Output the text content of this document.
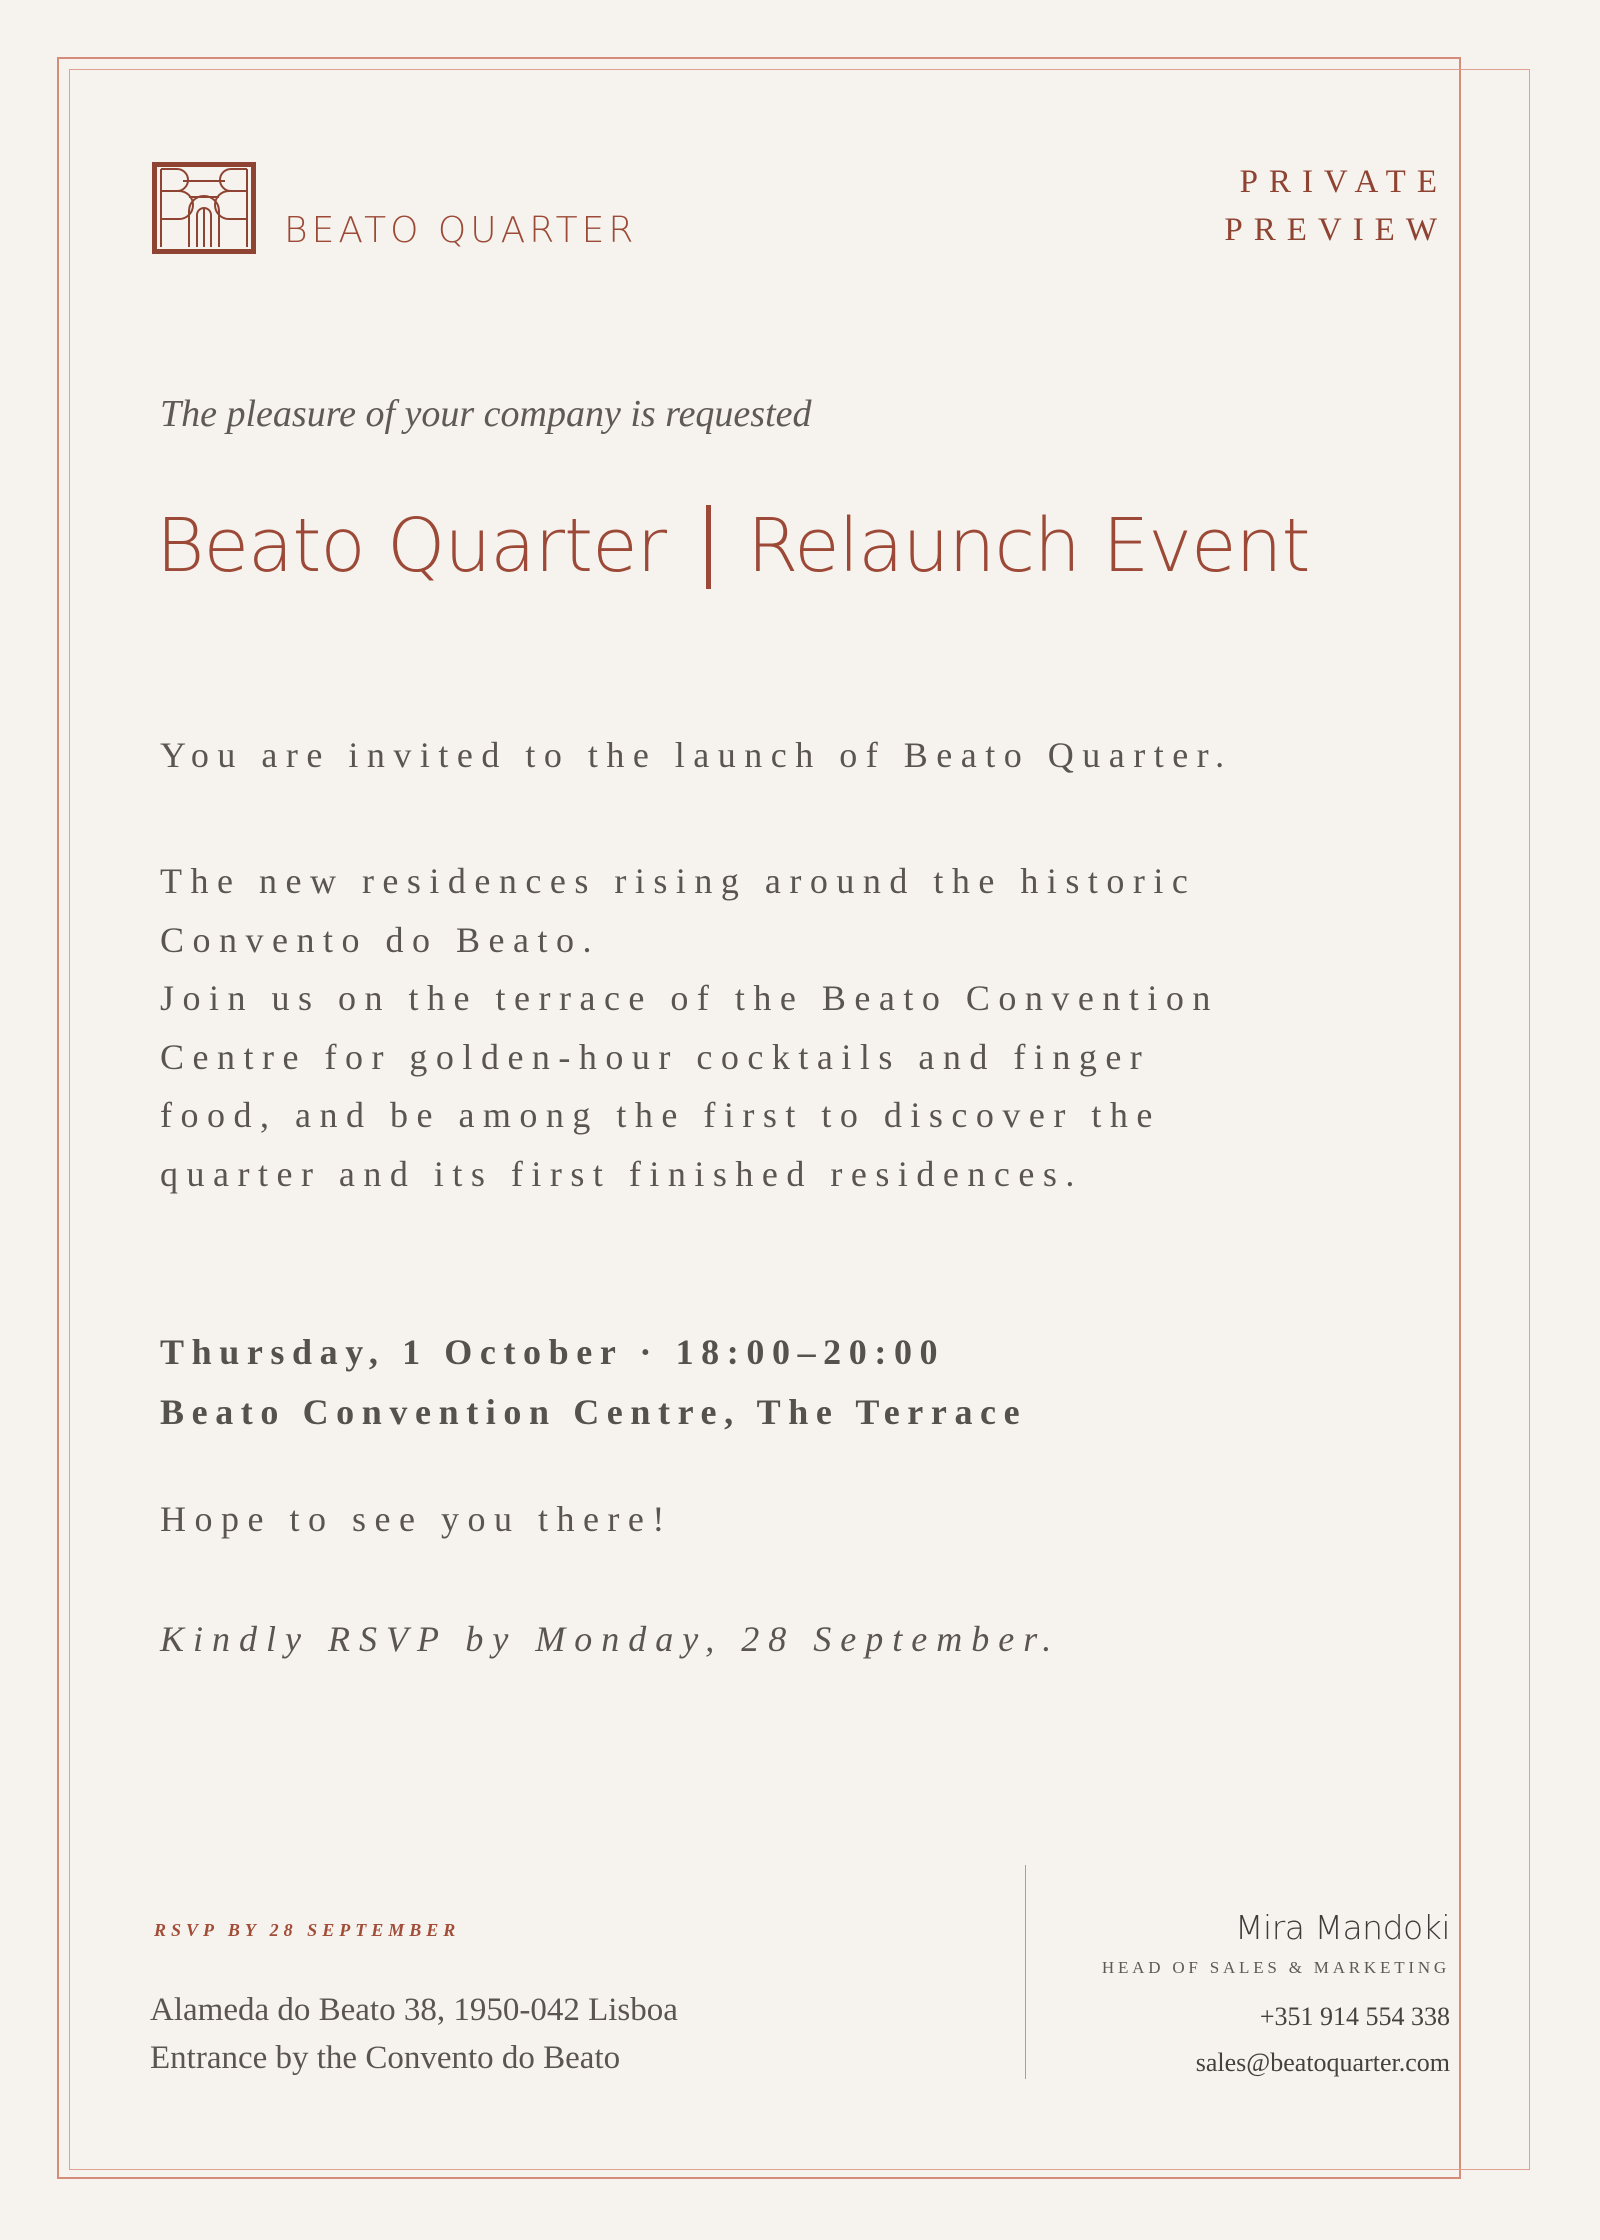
BEATO QUARTER
PRIVATE
PREVIEW
The pleasure of your company is requested
Beato Quarter Relaunch Event
You are invited to the launch of Beato Quarter.
The new residences rising around the historic
Convento do Beato.
Join us on the terrace of the Beato Convention
Centre for golden-hour cocktails and finger
food, and be among the first to discover the
quarter and its first finished residences.
Thursday, 1 October · 18:00–20:00
Beato Convention Centre, The Terrace
Hope to see you there!
Kindly RSVP by Monday, 28 September.
RSVP BY 28 SEPTEMBER
Alameda do Beato 38, 1950-042 Lisboa
Entrance by the Convento do Beato
Mira Mandoki
HEAD OF SALES & MARKETING
+351 914 554 338
sales@beatoquarter.com
